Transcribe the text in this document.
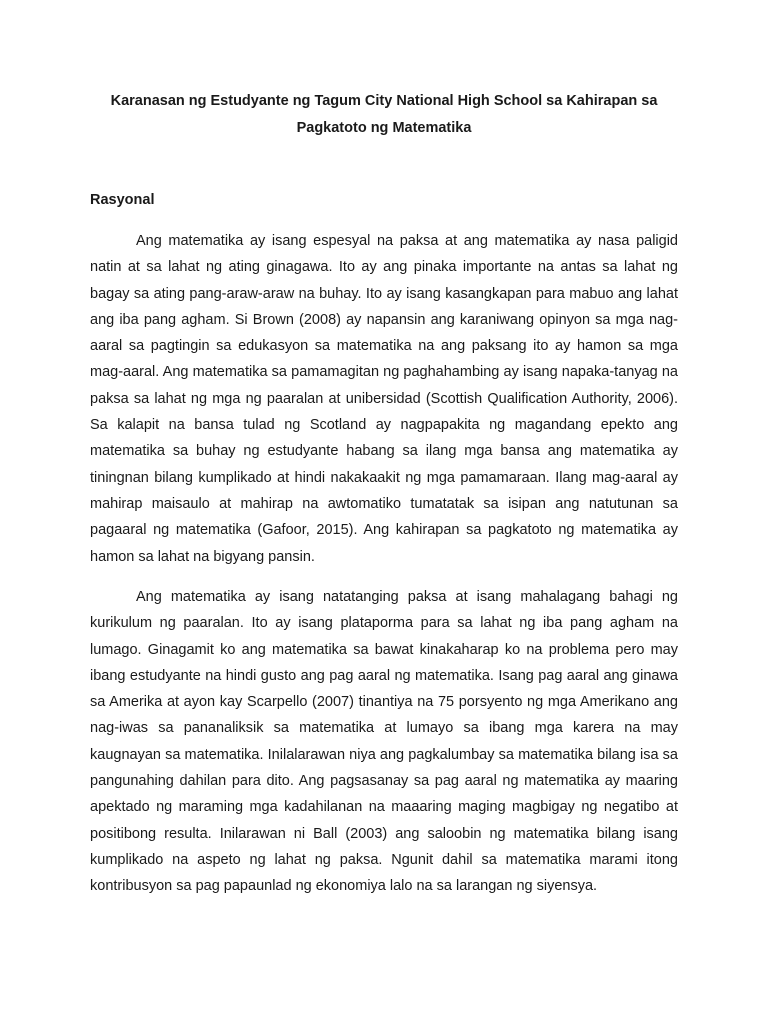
Karanasan ng Estudyante ng Tagum City National High School sa Kahirapan sa

Pagkatoto ng Matematika

Rasyonal

Ang matematika ay isang espesyal na paksa at ang matematika ay nasa paligid natin at sa lahat ng ating ginagawa. Ito ay ang pinaka importante na antas sa lahat ng bagay sa ating pang-araw-araw na buhay. Ito ay isang kasangkapan para mabuo ang lahat ang iba pang agham. Si Brown (2008) ay napansin ang karaniwang opinyon sa mga nag-aaral sa pagtingin sa edukasyon sa matematika na ang paksang ito ay hamon sa mga mag-aaral. Ang matematika sa pamamagitan ng paghahambing ay isang napaka-tanyag na paksa sa lahat ng mga ng paaralan at unibersidad (Scottish Qualification Authority, 2006). Sa kalapit na bansa tulad ng Scotland ay nagpapakita ng magandang epekto ang matematika sa buhay ng estudyante habang sa ilang mga bansa ang matematika ay tiningnan bilang kumplikado at hindi nakakaakit ng mga pamamaraan. Ilang mag-aaral ay mahirap maisaulo at mahirap na awtomatiko tumatatak sa isipan ang natutunan sa pagaaral ng matematika (Gafoor, 2015). Ang kahirapan sa pagkatoto ng matematika ay hamon sa lahat na bigyang pansin.

Ang matematika ay isang natatanging paksa at isang mahalagang bahagi ng kurikulum ng paaralan. Ito ay isang plataporma para sa lahat ng iba pang agham na lumago. Ginagamit ko ang matematika sa bawat kinakaharap ko na problema pero may ibang estudyante na hindi gusto ang pag aaral ng matematika. Isang pag aaral ang ginawa sa Amerika at ayon kay Scarpello (2007) tinantiya na 75 porsyento ng mga Amerikano ang nag-iwas sa pananaliksik sa matematika at lumayo sa ibang mga karera na may kaugnayan sa matematika. Inilalarawan niya ang pagkalumbay sa matematika bilang isa sa pangunahing dahilan para dito. Ang pagsasanay sa pag aaral ng matematika ay maaring apektado ng maraming mga kadahilanan na maaaring maging magbigay ng negatibo at positibong resulta. Inilarawan ni Ball (2003) ang saloobin ng matematika bilang isang kumplikado na aspeto ng lahat ng paksa. Ngunit dahil sa matematika marami itong kontribusyon sa pag papaunlad ng ekonomiya lalo na sa larangan ng siyensya.
